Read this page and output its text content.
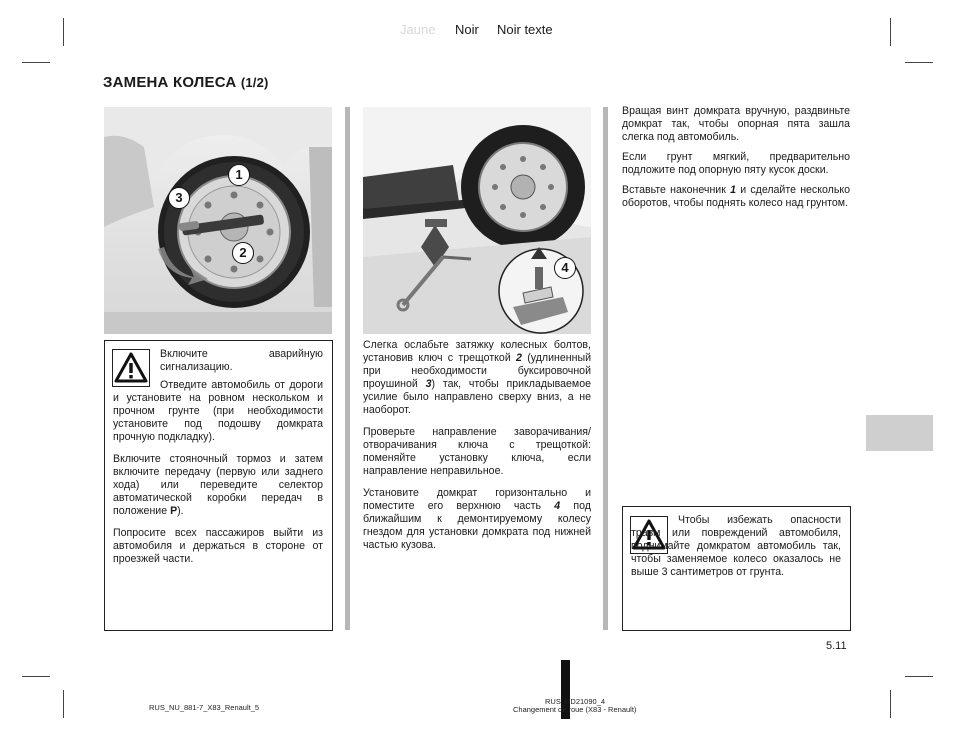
Jaune Noir Noir texte
ЗАМЕНА КОЛЕСА (1/2)
1
2
3
4

Включите аварийную сигнализацию.

Отведите автомобиль от дороги и установите на ровном нескольком и прочном грунте (при необходимости установите под подошву домкрата прочную подкладку).

Включите стояночный тормоз и затем включите передачу (первую или заднего хода) или переведите селектор автоматической коробки передач в положение P).

Попросите всех пассажиров выйти из автомобиля и держаться в стороне от проезжей части.

Слегка ослабьте затяжку колесных болтов, установив ключ с трещоткой 2 (удлиненный при необходимости буксировочной проушиной 3) так, чтобы прикладываемое усилие было направлено сверху вниз, а не наоборот.

Проверьте направление заворачивания/отворачивания ключа с трещоткой: поменяйте установку ключа, если направление неправильное.

Установите домкрат горизонтально и поместите его верхнюю часть 4 под ближайшим к демонтируемому колесу гнездом для установки домкрата под нижней частью кузова.

Вращая винт домкрата вручную, раздвиньте домкрат так, чтобы опорная пята зашла слегка под автомобиль.

Если грунт мягкий, предварительно подложите под опорную пяту кусок доски.

Вставьте наконечник 1 и сделайте несколько оборотов, чтобы поднять колесо над грунтом.

Чтобы избежать опасности травм или повреждений автомобиля, поднимайте домкратом автомобиль так, чтобы заменяемое колесо оказалось не выше 3 сантиметров от грунта.

5.11
RUS_NU_881-7_X83_Renault_5
RUS_UD21090_4
Changement de roue (X83 - Renault)
